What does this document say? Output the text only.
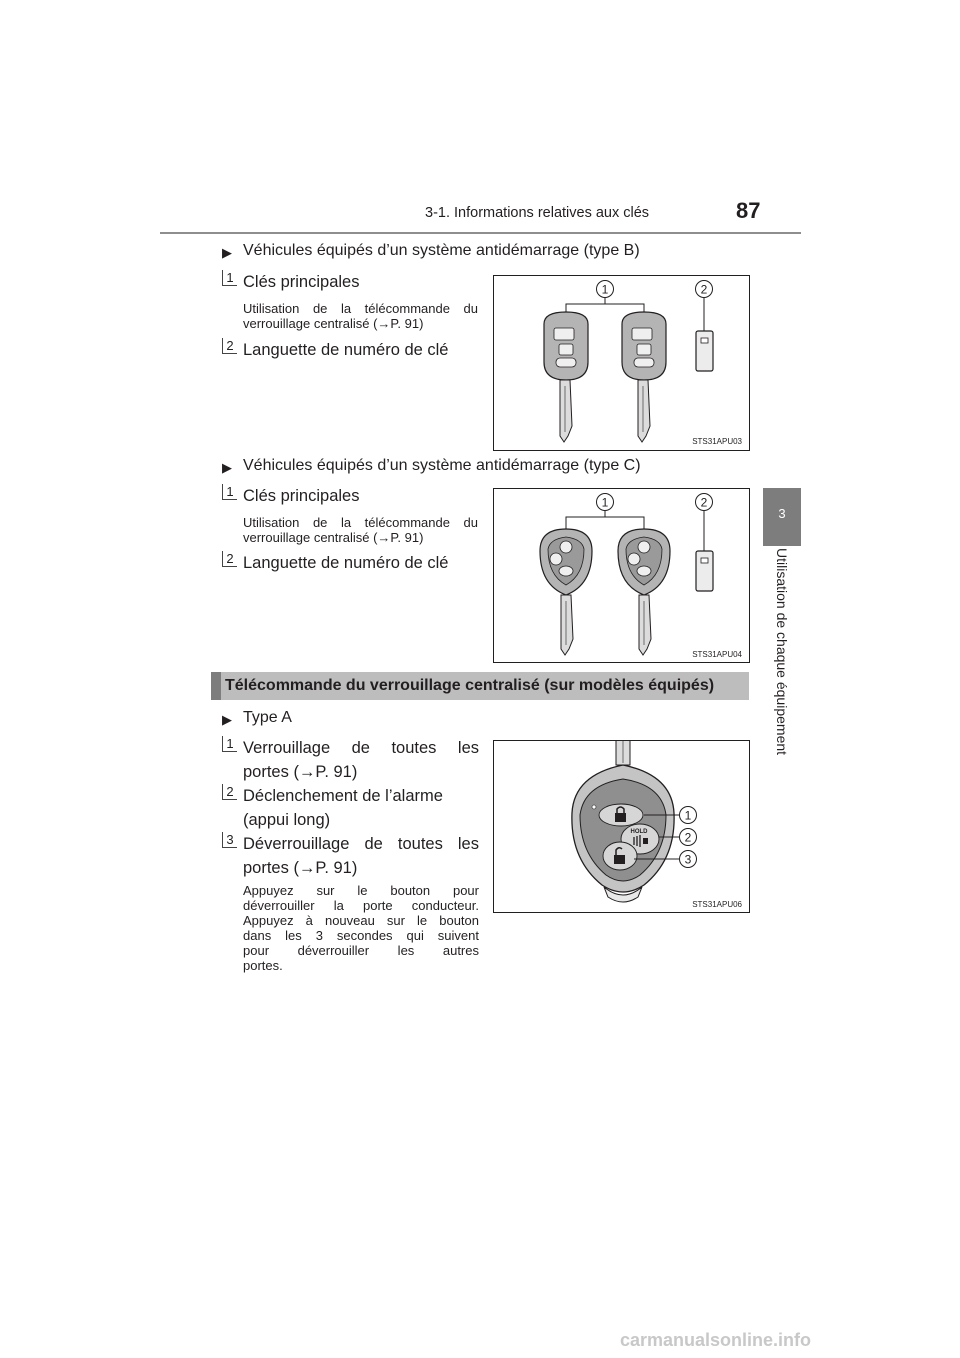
3-1. Informations relatives aux clés	87
3
Utilisation de chaque équipement
▶ Véhicules équipés d’un système antidémarrage (type B)
1 Clés principales
Utilisation de la télécommande du
verrouillage centralisé (→P. 91)
2 Languette de numéro de clé
1	2
STS31APU03
▶ Véhicules équipés d’un système antidémarrage (type C)
1 Clés principales
Utilisation de la télécommande du
verrouillage centralisé (→P. 91)
2 Languette de numéro de clé
1	2
STS31APU04
Télécommande du verrouillage centralisé (sur modèles équipés)
▶ Type A
1 Verrouillage de toutes les
portes (→P. 91)
2 Déclenchement de l’alarme
(appui long)
3 Déverrouillage de toutes les
portes (→P. 91)
Appuyez sur le bouton pour
déverrouiller la porte conducteur.
Appuyez à nouveau sur le bouton
dans les 3 secondes qui suivent
pour déverrouiller les autres
portes.
HOLD
1
2
3
STS31APU06
carmanualsonline.info
